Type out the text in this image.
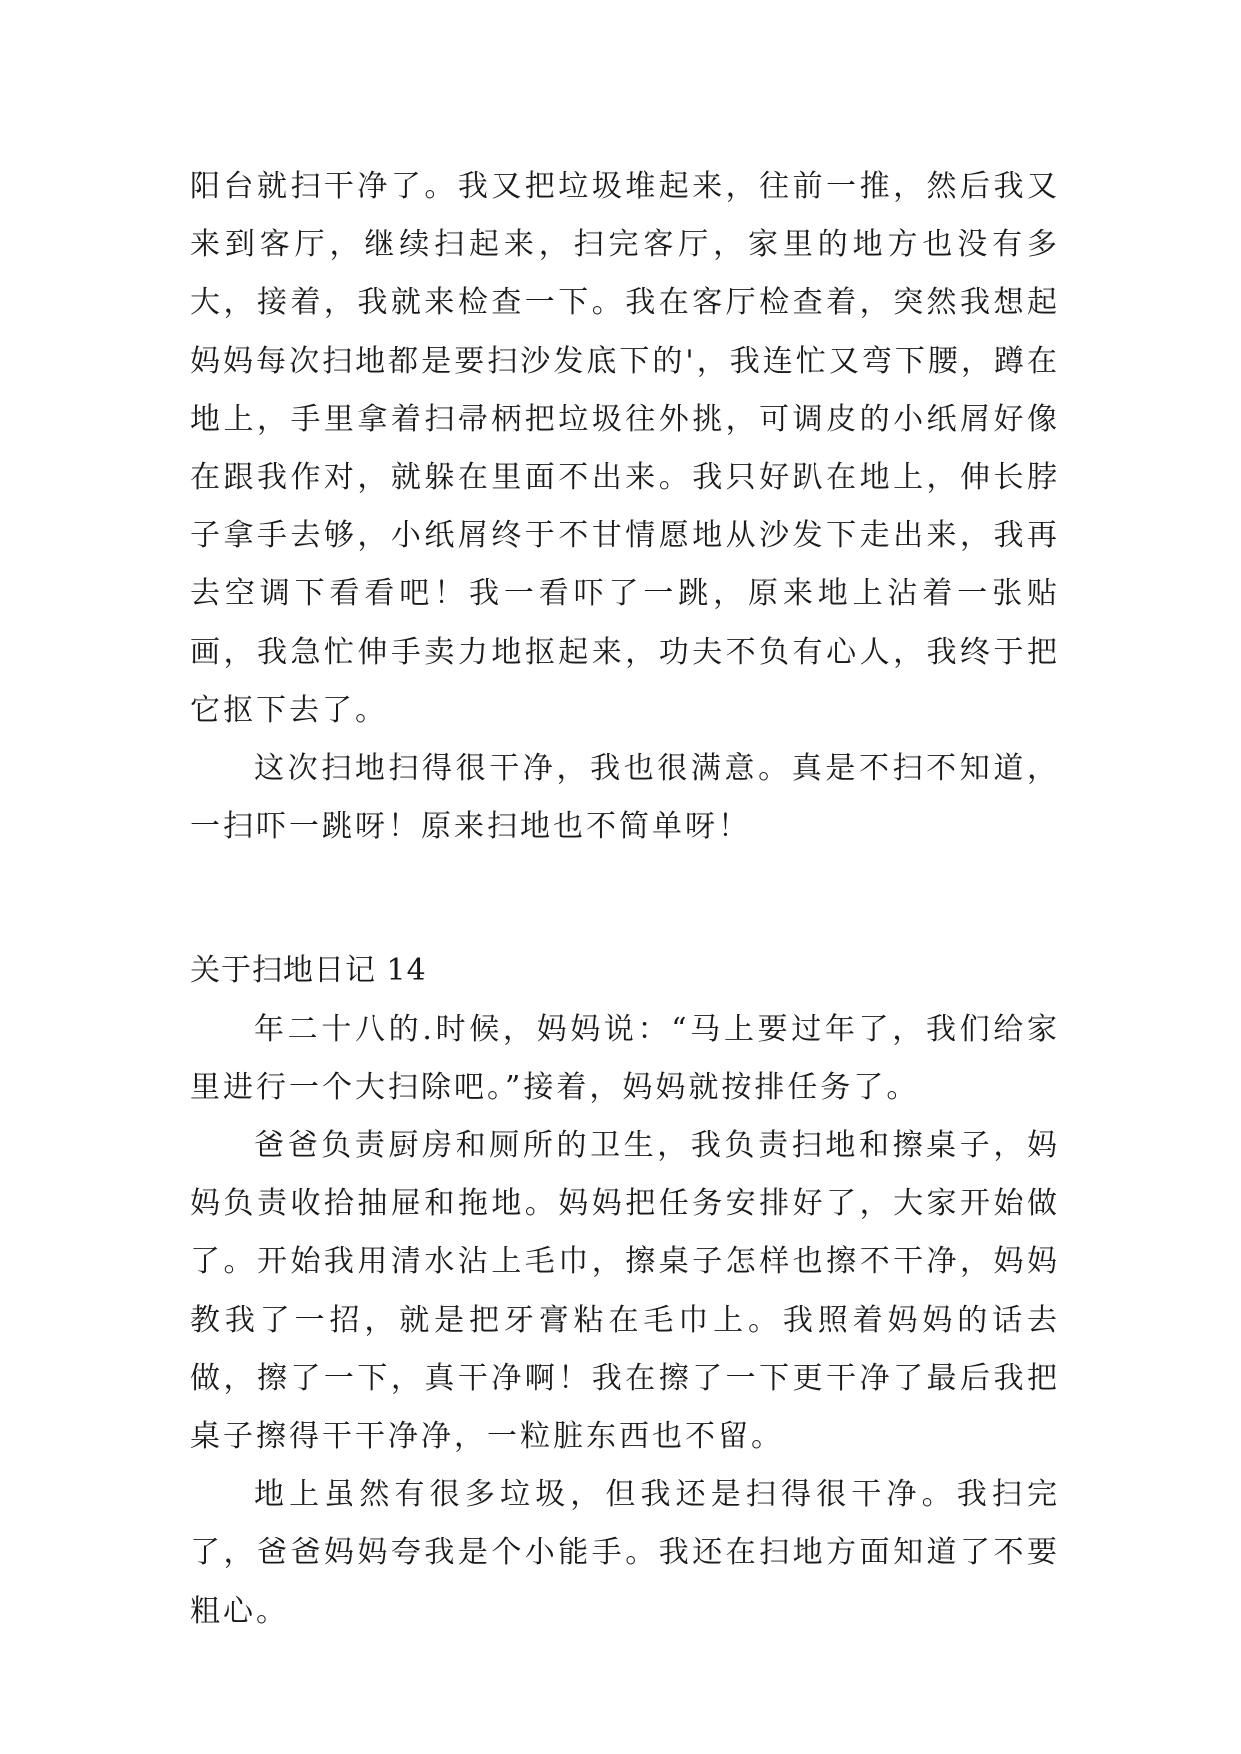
阳台就扫干净了。我又把垃圾堆起来，往前一推，然后我又来到客厅，继续扫起来，扫完客厅，家里的地方也没有多大，接着，我就来检查一下。我在客厅检查着，突然我想起妈妈每次扫地都是要扫沙发底下的'，我连忙又弯下腰，蹲在地上，手里拿着扫帚柄把垃圾往外挑，可调皮的小纸屑好像在跟我作对，就躲在里面不出来。我只好趴在地上，伸长脖子拿手去够，小纸屑终于不甘情愿地从沙发下走出来，我再去空调下看看吧！我一看吓了一跳，原来地上沾着一张贴画，我急忙伸手卖力地抠起来，功夫不负有心人，我终于把它抠下去了。

这次扫地扫得很干净，我也很满意。真是不扫不知道，一扫吓一跳呀！原来扫地也不简单呀！

关于扫地日记 14

年二十八的.时候，妈妈说：“马上要过年了，我们给家里进行一个大扫除吧。”接着，妈妈就按排任务了。

爸爸负责厨房和厕所的卫生，我负责扫地和擦桌子，妈妈负责收拾抽屉和拖地。妈妈把任务安排好了，大家开始做了。开始我用清水沾上毛巾，擦桌子怎样也擦不干净，妈妈教我了一招，就是把牙膏粘在毛巾上。我照着妈妈的话去做，擦了一下，真干净啊！我在擦了一下更干净了最后我把桌子擦得干干净净，一粒脏东西也不留。

地上虽然有很多垃圾，但我还是扫得很干净。我扫完了，爸爸妈妈夸我是个小能手。我还在扫地方面知道了不要粗心。
